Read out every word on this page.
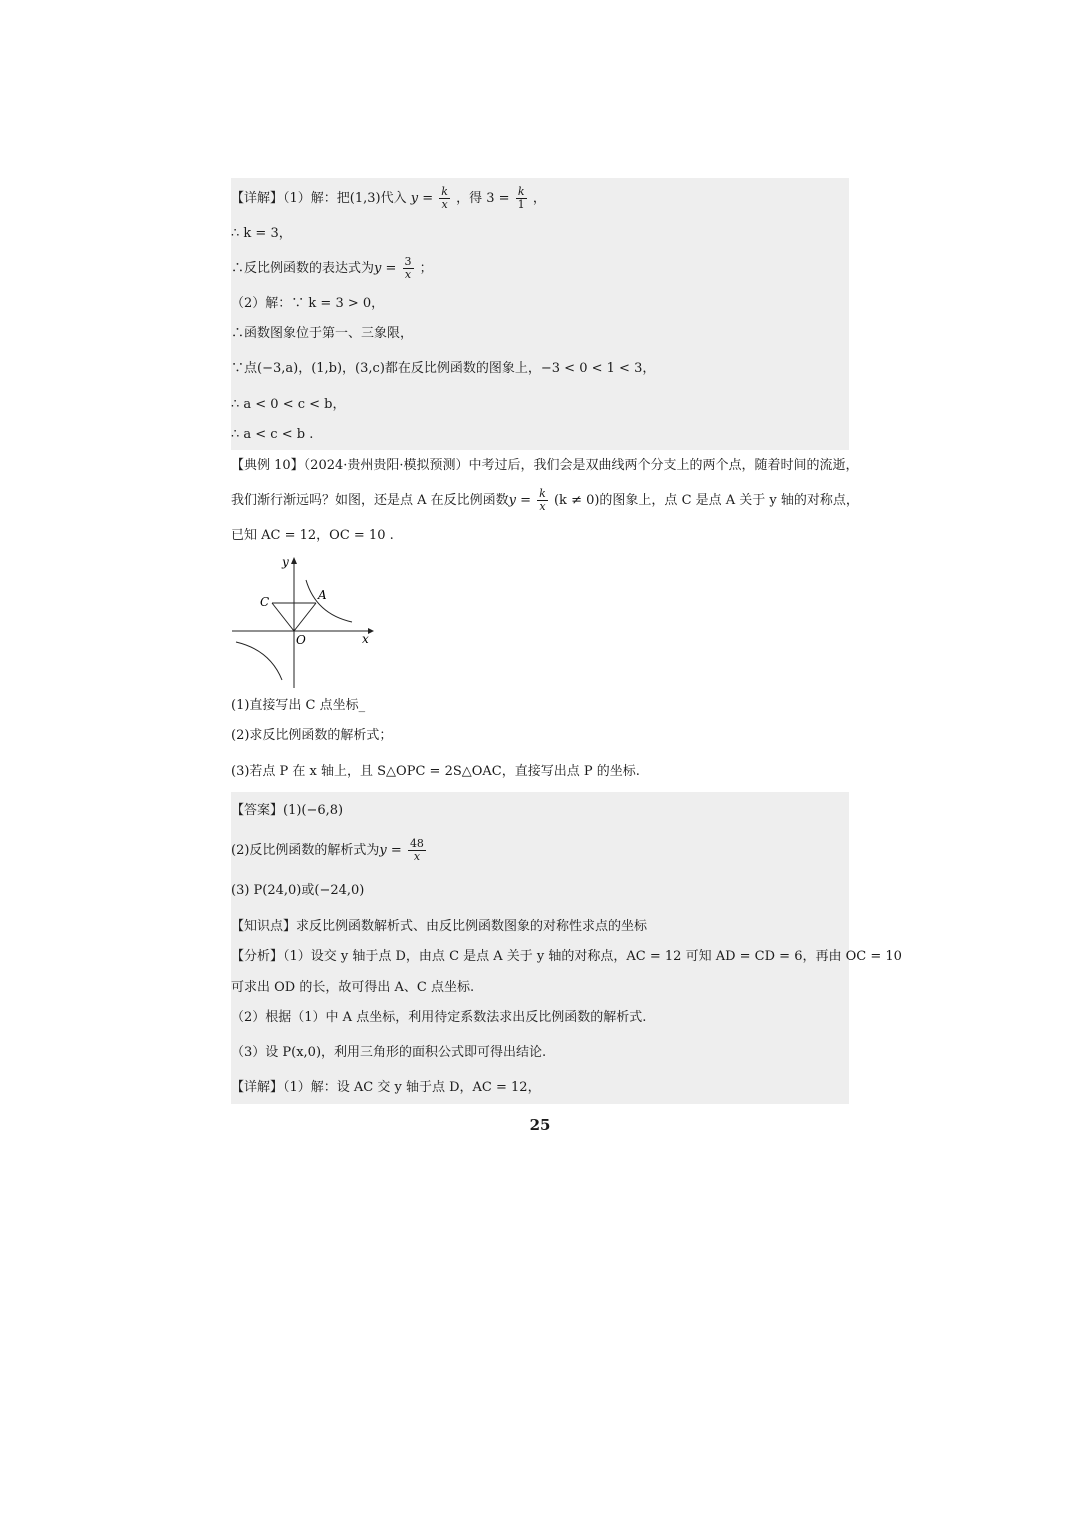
【详解】（1）解：把(1,3)代入 $y = \frac{k}{x}$ ，得 $3 = \frac{k}{1}$ ，
∴ k = 3，
∴反比例函数的表达式为$y = \frac{3}{x}$ ；
（2）解：∵ k = 3 > 0，
∴函数图象位于第一、三象限，
∵点(−3,a)，(1,b)，(3,c)都在反比例函数的图象上，−3 < 0 < 1 < 3，
∴ a < 0 < c < b，
∴ a < c < b .
【典例 10】（2024·贵州贵阳·模拟预测）中考过后，我们会是双曲线两个分支上的两个点，随着时间的流逝，
我们渐行渐远吗？如图，还是点 A 在反比例函数$y = \frac{k}{x} (k \ne 0)$的图象上，点 C 是点 A 关于 y 轴的对称点，
已知 AC = 12，OC = 10 .
y
x
O
A
C
(1)直接写出 C 点坐标_
(2)求反比例函数的解析式；
(3)若点 P 在 x 轴上，且 S△OPC = 2S△OAC，直接写出点 P 的坐标.
【答案】(1)(−6,8)
(2)反比例函数的解析式为$y = \frac{48}{x}$
(3) P(24,0)或(−24,0)
【知识点】求反比例函数解析式、由反比例函数图象的对称性求点的坐标
【分析】（1）设交 y 轴于点 D，由点 C 是点 A 关于 y 轴的对称点，AC = 12 可知 AD = CD = 6，再由 OC = 10
可求出 OD 的长，故可得出 A、C 点坐标.
（2）根据（1）中 A 点坐标，利用待定系数法求出反比例函数的解析式.
（3）设 P(x,0)，利用三角形的面积公式即可得出结论.
【详解】（1）解：设 AC 交 y 轴于点 D，AC = 12，
25
